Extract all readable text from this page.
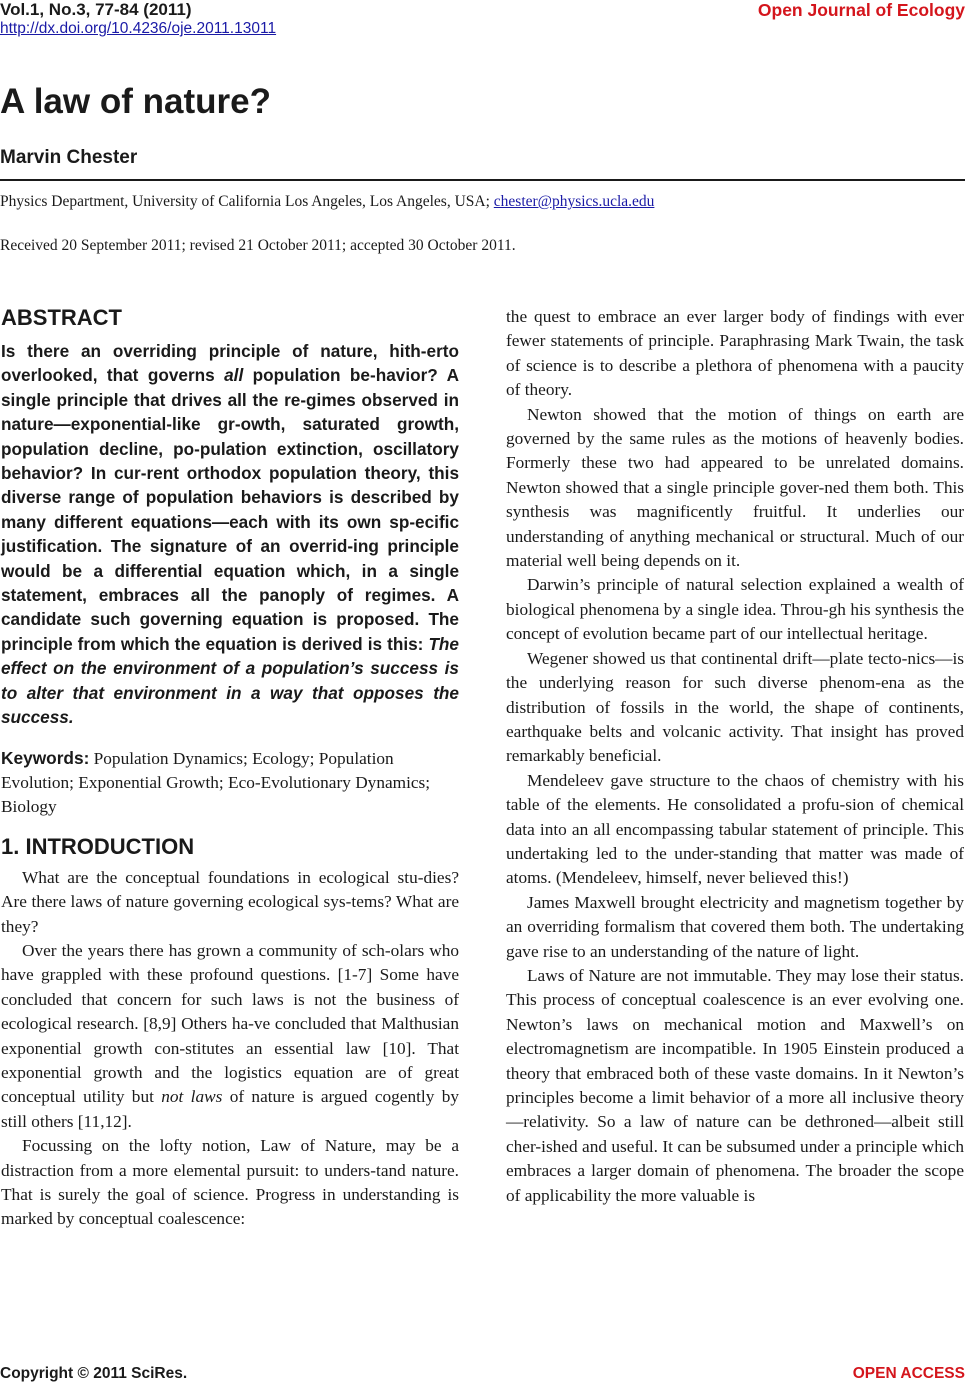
Vol.1, No.3, 77-84 (2011)
http://dx.doi.org/10.4236/oje.2011.13011
Open Journal of Ecology
A law of nature?
Marvin Chester
Physics Department, University of California Los Angeles, Los Angeles, USA; chester@physics.ucla.edu
Received 20 September 2011; revised 21 October 2011; accepted 30 October 2011.
ABSTRACT

Is there an overriding principle of nature, hith-erto overlooked, that governs all population be-havior? A single principle that drives all the re-gimes observed in nature—exponential-like gr-owth, saturated growth, population decline, po-pulation extinction, oscillatory behavior? In cur-rent orthodox population theory, this diverse range of population behaviors is described by many different equations—each with its own sp-ecific justification. The signature of an overrid-ing principle would be a differential equation which, in a single statement, embraces all the panoply of regimes. A candidate such governing equation is proposed. The principle from which the equation is derived is this: The effect on the environment of a population’s success is to alter that environment in a way that opposes the success.

Keywords: Population Dynamics; Ecology; Population Evolution; Exponential Growth; Eco-Evolutionary Dynamics; Biology

1. INTRODUCTION

What are the conceptual foundations in ecological stu-dies? Are there laws of nature governing ecological sys-tems? What are they?

Over the years there has grown a community of sch-olars who have grappled with these profound questions. [1-7] Some have concluded that concern for such laws is not the business of ecological research. [8,9] Others ha-ve concluded that Malthusian exponential growth con-stitutes an essential law [10]. That exponential growth and the logistics equation are of great conceptual utility but not laws of nature is argued cogently by still others [11,12].

Focussing on the lofty notion, Law of Nature, may be a distraction from a more elemental pursuit: to unders-tand nature. That is surely the goal of science. Progress in understanding is marked by conceptual coalescence:

the quest to embrace an ever larger body of findings with ever fewer statements of principle. Paraphrasing Mark Twain, the task of science is to describe a plethora of phenomena with a paucity of theory.

Newton showed that the motion of things on earth are governed by the same rules as the motions of heavenly bodies. Formerly these two had appeared to be unrelated domains. Newton showed that a single principle gover-ned them both. This synthesis was magnificently fruitful. It underlies our understanding of anything mechanical or structural. Much of our material well being depends on it.

Darwin’s principle of natural selection explained a wealth of biological phenomena by a single idea. Throu-gh his synthesis the concept of evolution became part of our intellectual heritage.

Wegener showed us that continental drift—plate tecto-nics—is the underlying reason for such diverse phenom-ena as the distribution of fossils in the world, the shape of continents, earthquake belts and volcanic activity. That insight has proved remarkably beneficial.

Mendeleev gave structure to the chaos of chemistry with his table of the elements. He consolidated a profu-sion of chemical data into an all encompassing tabular statement of principle. This undertaking led to the under-standing that matter was made of atoms. (Mendeleev, himself, never believed this!)

James Maxwell brought electricity and magnetism together by an overriding formalism that covered them both. The undertaking gave rise to an understanding of the nature of light.

Laws of Nature are not immutable. They may lose their status. This process of conceptual coalescence is an ever evolving one. Newton’s laws on mechanical motion and Maxwell’s on electromagnetism are incompatible. In 1905 Einstein produced a theory that embraced both of these vaste domains. In it Newton’s principles become a limit behavior of a more all inclusive theory—relativity. So a law of nature can be dethroned—albeit still cher-ished and useful. It can be subsumed under a principle which embraces a larger domain of phenomena. The broader the scope of applicability the more valuable is

Copyright © 2011 SciRes.	OPEN ACCESS
